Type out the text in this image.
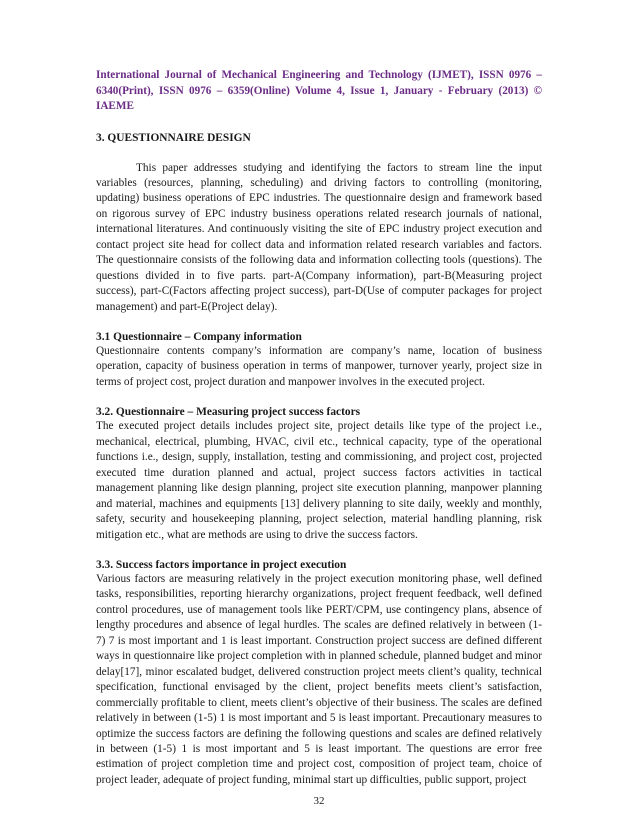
International Journal of Mechanical Engineering and Technology (IJMET), ISSN 0976 – 6340(Print), ISSN 0976 – 6359(Online) Volume 4, Issue 1, January - February (2013) © IAEME
3. QUESTIONNAIRE DESIGN

This paper addresses studying and identifying the factors to stream line the input variables (resources, planning, scheduling) and driving factors to controlling (monitoring, updating) business operations of EPC industries. The questionnaire design and framework based on rigorous survey of EPC industry business operations related research journals of national, international literatures. And continuously visiting the site of EPC industry project execution and contact project site head for collect data and information related research variables and factors. The questionnaire consists of the following data and information collecting tools (questions). The questions divided in to five parts. part-A(Company information), part-B(Measuring project success), part-C(Factors affecting project success), part-D(Use of computer packages for project management) and part-E(Project delay).

3.1 Questionnaire – Company information

Questionnaire contents company’s information are company’s name, location of business operation, capacity of business operation in terms of manpower, turnover yearly, project size in terms of project cost, project duration and manpower involves in the executed project.

3.2. Questionnaire – Measuring project success factors

The executed project details includes project site, project details like type of the project i.e., mechanical, electrical, plumbing, HVAC, civil etc., technical capacity, type of the operational functions i.e., design, supply, installation, testing and commissioning, and project cost, projected executed time duration planned and actual, project success factors activities in tactical management planning like design planning, project site execution planning, manpower planning and material, machines and equipments [13] delivery planning to site daily, weekly and monthly, safety, security and housekeeping planning, project selection, material handling planning, risk mitigation etc., what are methods are using to drive the success factors.

3.3. Success factors importance in project execution

Various factors are measuring relatively in the project execution monitoring phase, well defined tasks, responsibilities, reporting hierarchy organizations, project frequent feedback, well defined control procedures, use of management tools like PERT/CPM, use contingency plans, absence of lengthy procedures and absence of legal hurdles. The scales are defined relatively in between (1-7) 7 is most important and 1 is least important. Construction project success are defined different ways in questionnaire like project completion with in planned schedule, planned budget and minor delay[17], minor escalated budget, delivered construction project meets client’s quality, technical specification, functional envisaged by the client, project benefits meets client’s satisfaction, commercially profitable to client, meets client’s objective of their business. The scales are defined relatively in between (1-5) 1 is most important and 5 is least important. Precautionary measures to optimize the success factors are defining the following questions and scales are defined relatively in between (1-5) 1 is most important and 5 is least important. The questions are error free estimation of project completion time and project cost, composition of project team, choice of project leader, adequate of project funding, minimal start up difficulties, public support, project

32
